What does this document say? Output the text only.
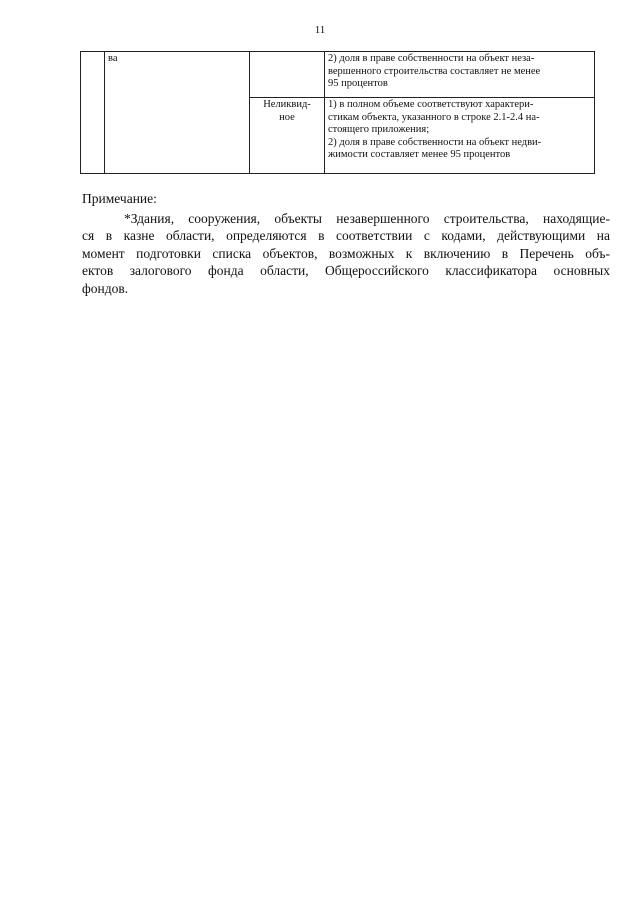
11

	ва		2) доля в праве собственности на объект неза-
вершенного строительства составляет не менее
95 процентов

		Неликвид-
ное	1) в полном объеме соответствуют характери-
стикам объекта, указанного в строке 2.1-2.4 на-
стоящего приложения;
2) доля в праве собственности на объект недви-
жимости составляет менее 95 процентов
Примечание:
*Здания, сооружения, объекты незавершенного строительства, находящие-
ся в казне области, определяются в соответствии с кодами, действующими на
момент подготовки списка объектов, возможных к включению в Перечень объ-
ектов залогового фонда области, Общероссийского классификатора основных
фондов.
